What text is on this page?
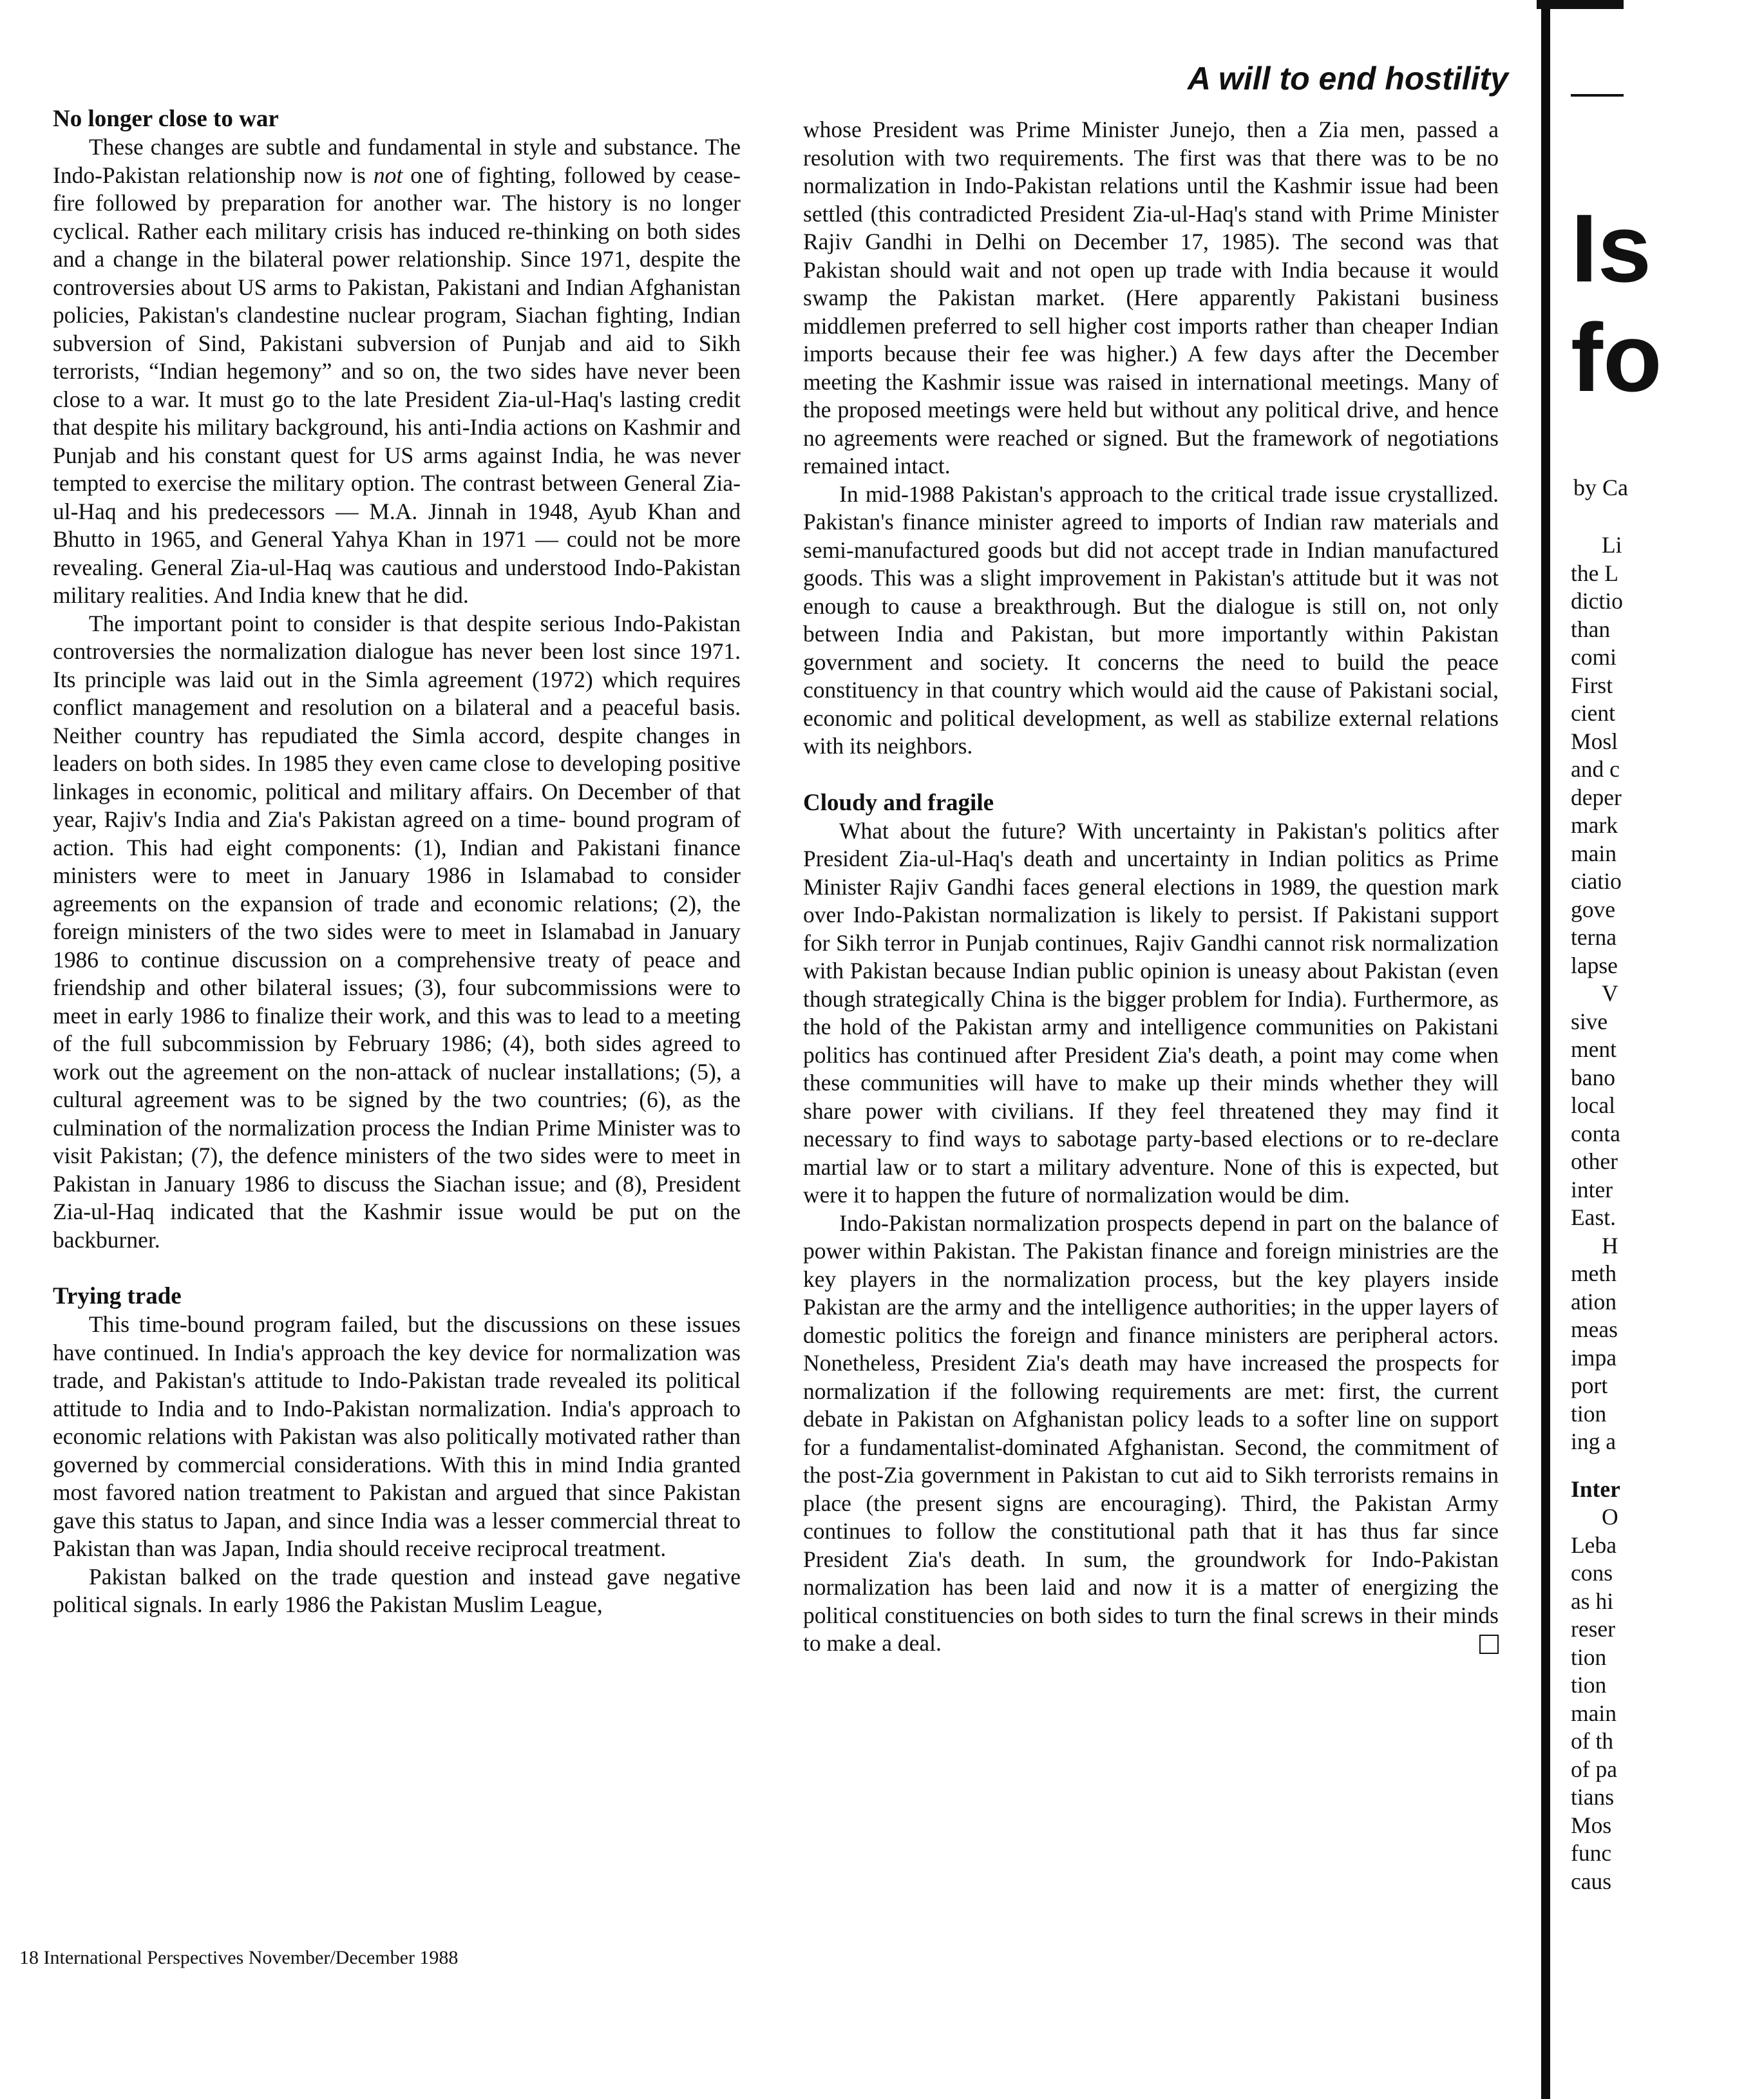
A will to end hostility
No longer close to war

These changes are subtle and fundamental in style and substance. The Indo-Pakistan relationship now is not one of fighting, followed by cease-fire followed by preparation for another war. The history is no longer cyclical. Rather each military crisis has induced re-thinking on both sides and a change in the bilateral power relationship. Since 1971, despite the controversies about US arms to Pakistan, Pakistani and Indian Afghanistan policies, Pakistan's clandestine nuclear program, Siachan fighting, Indian subversion of Sind, Pakistani subversion of Punjab and aid to Sikh terrorists, “Indian hegemony” and so on, the two sides have never been close to a war. It must go to the late President Zia-ul-Haq's lasting credit that despite his military background, his anti-India actions on Kashmir and Punjab and his constant quest for US arms against India, he was never tempted to exercise the military option. The contrast between General Zia-ul-Haq and his predecessors — M.A. Jinnah in 1948, Ayub Khan and Bhutto in 1965, and General Yahya Khan in 1971 — could not be more revealing. General Zia-ul-Haq was cautious and understood Indo-Pakistan military realities. And India knew that he did.

The important point to consider is that despite serious Indo-Pakistan controversies the normalization dialogue has never been lost since 1971. Its principle was laid out in the Simla agreement (1972) which requires conflict management and resolution on a bilateral and a peaceful basis. Neither country has repudiated the Simla accord, despite changes in leaders on both sides. In 1985 they even came close to developing positive linkages in economic, political and military affairs. On December of that year, Rajiv's India and Zia's Pakistan agreed on a time- bound program of action. This had eight components: (1), Indian and Pakistani finance ministers were to meet in January 1986 in Islamabad to consider agreements on the expansion of trade and economic relations; (2), the foreign ministers of the two sides were to meet in Islamabad in January 1986 to continue discussion on a comprehensive treaty of peace and friendship and other bilateral issues; (3), four subcommissions were to meet in early 1986 to finalize their work, and this was to lead to a meeting of the full subcommission by February 1986; (4), both sides agreed to work out the agreement on the non-attack of nuclear installations; (5), a cultural agreement was to be signed by the two countries; (6), as the culmination of the normalization process the Indian Prime Minister was to visit Pakistan; (7), the defence ministers of the two sides were to meet in Pakistan in January 1986 to discuss the Siachan issue; and (8), President Zia-ul-Haq indicated that the Kashmir issue would be put on the backburner.

Trying trade

This time-bound program failed, but the discussions on these issues have continued. In India's approach the key device for normalization was trade, and Pakistan's attitude to Indo-Pakistan trade revealed its political attitude to India and to Indo-Pakistan normalization. India's approach to economic relations with Pakistan was also politically motivated rather than governed by commercial considerations. With this in mind India granted most favored nation treatment to Pakistan and argued that since Pakistan gave this status to Japan, and since India was a lesser commercial threat to Pakistan than was Japan, India should receive reciprocal treatment.

Pakistan balked on the trade question and instead gave negative political signals. In early 1986 the Pakistan Muslim League,

whose President was Prime Minister Junejo, then a Zia men, passed a resolution with two requirements. The first was that there was to be no normalization in Indo-Pakistan relations until the Kashmir issue had been settled (this contradicted President Zia-ul-Haq's stand with Prime Minister Rajiv Gandhi in Delhi on December 17, 1985). The second was that Pakistan should wait and not open up trade with India because it would swamp the Pakistan market. (Here apparently Pakistani business middlemen preferred to sell higher cost imports rather than cheaper Indian imports because their fee was higher.) A few days after the December meeting the Kashmir issue was raised in international meetings. Many of the proposed meetings were held but without any political drive, and hence no agreements were reached or signed. But the framework of negotiations remained intact.

In mid-1988 Pakistan's approach to the critical trade issue crystallized. Pakistan's finance minister agreed to imports of Indian raw materials and semi-manufactured goods but did not accept trade in Indian manufactured goods. This was a slight improvement in Pakistan's attitude but it was not enough to cause a breakthrough. But the dialogue is still on, not only between India and Pakistan, but more importantly within Pakistan government and society. It concerns the need to build the peace constituency in that country which would aid the cause of Pakistani social, economic and political development, as well as stabilize external relations with its neighbors.

Cloudy and fragile

What about the future? With uncertainty in Pakistan's politics after President Zia-ul-Haq's death and uncertainty in Indian politics as Prime Minister Rajiv Gandhi faces general elections in 1989, the question mark over Indo-Pakistan normalization is likely to persist. If Pakistani support for Sikh terror in Punjab continues, Rajiv Gandhi cannot risk normalization with Pakistan because Indian public opinion is uneasy about Pakistan (even though strategically China is the bigger problem for India). Furthermore, as the hold of the Pakistan army and intelligence communities on Pakistani politics has continued after President Zia's death, a point may come when these communities will have to make up their minds whether they will share power with civilians. If they feel threatened they may find it necessary to find ways to sabotage party-based elections or to re-declare martial law or to start a military adventure. None of this is expected, but were it to happen the future of normalization would be dim.

Indo-Pakistan normalization prospects depend in part on the balance of power within Pakistan. The Pakistan finance and foreign ministries are the key players in the normalization process, but the key players inside Pakistan are the army and the intelligence authorities; in the upper layers of domestic politics the foreign and finance ministers are peripheral actors. Nonetheless, President Zia's death may have increased the prospects for normalization if the following requirements are met: first, the current debate in Pakistan on Afghanistan policy leads to a softer line on support for a fundamentalist-dominated Afghanistan. Second, the commitment of the post-Zia government in Pakistan to cut aid to Sikh terrorists remains in place (the present signs are encouraging). Third, the Pakistan Army continues to follow the constitutional path that it has thus far since President Zia's death. In sum, the groundwork for Indo-Pakistan normalization has been laid and now it is a matter of energizing the political constituencies on both sides to turn the final screws in their minds to make a deal.

18 International Perspectives November/December 1988

Is
fo
by Ca
Li
the L
dictio
than
comi
First
cient
Mosl
and c
deper
mark
main
ciatio
gove
terna
lapse
V
sive
ment
bano
local
conta
other
inter
East.
H
meth
ation
meas
impa
port
tion
ing a
Inter
O
Leba
cons
as hi
reser
tion
tion
main
of th
of pa
tians
Mos
func
caus
